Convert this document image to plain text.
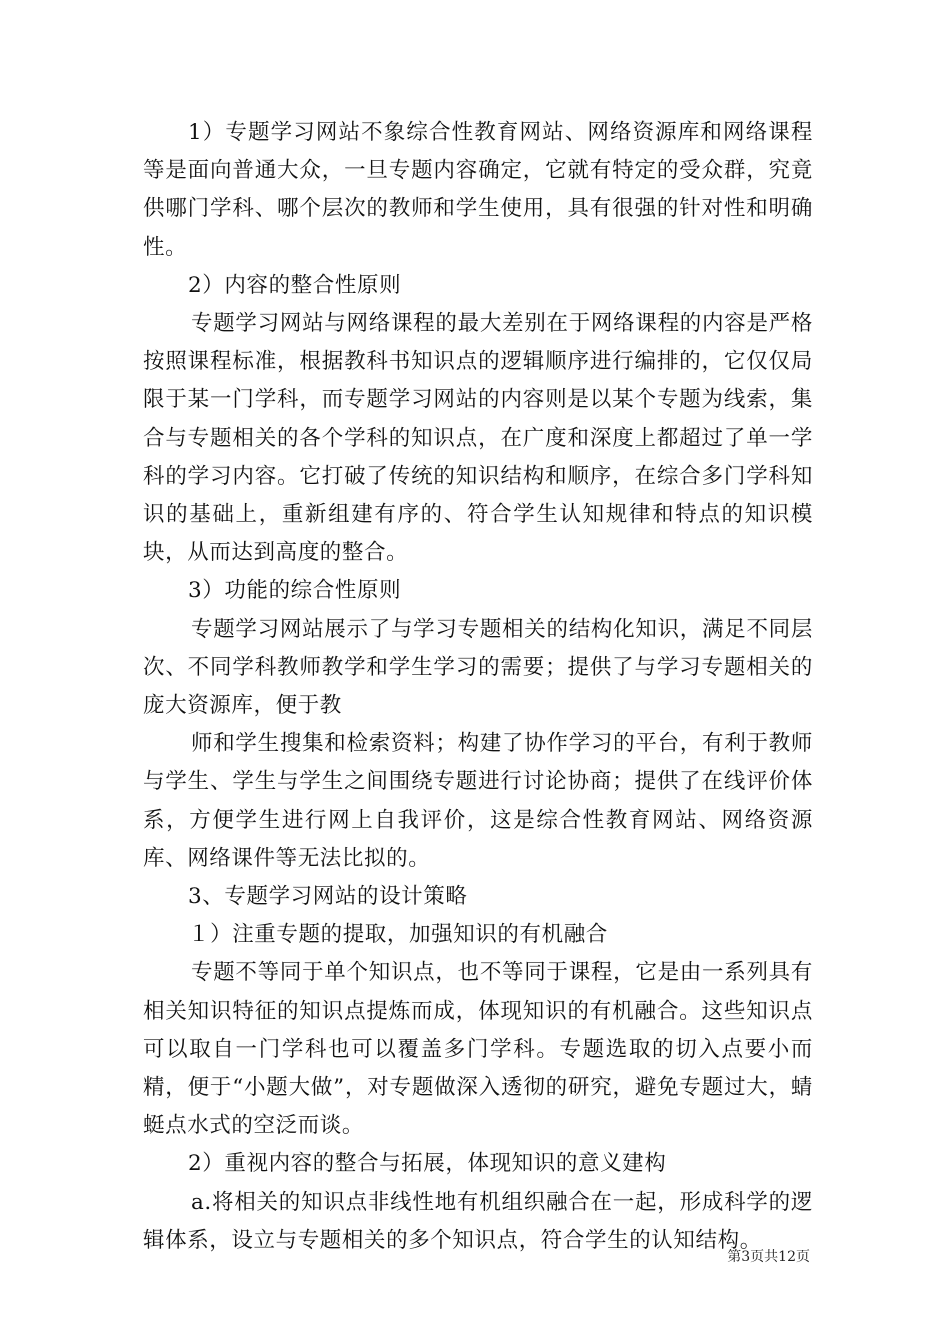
1）专题学习网站不象综合性教育网站、网络资源库和网络课程等是面向普通大众，一旦专题内容确定，它就有特定的受众群，究竟供哪门学科、哪个层次的教师和学生使用，具有很强的针对性和明确性。

2）内容的整合性原则

专题学习网站与网络课程的最大差别在于网络课程的内容是严格按照课程标准，根据教科书知识点的逻辑顺序进行编排的，它仅仅局限于某一门学科，而专题学习网站的内容则是以某个专题为线索，集合与专题相关的各个学科的知识点，在广度和深度上都超过了单一学科的学习内容。它打破了传统的知识结构和顺序，在综合多门学科知识的基础上，重新组建有序的、符合学生认知规律和特点的知识模块，从而达到高度的整合。

3）功能的综合性原则

专题学习网站展示了与学习专题相关的结构化知识，满足不同层次、不同学科教师教学和学生学习的需要；提供了与学习专题相关的庞大资源库，便于教

师和学生搜集和检索资料；构建了协作学习的平台，有利于教师与学生、学生与学生之间围绕专题进行讨论协商；提供了在线评价体系，方便学生进行网上自我评价，这是综合性教育网站、网络资源库、网络课件等无法比拟的。

3、专题学习网站的设计策略

１）注重专题的提取，加强知识的有机融合

专题不等同于单个知识点，也不等同于课程，它是由一系列具有相关知识特征的知识点提炼而成，体现知识的有机融合。这些知识点可以取自一门学科也可以覆盖多门学科。专题选取的切入点要小而精，便于“小题大做”，对专题做深入透彻的研究，避免专题过大，蜻蜓点水式的空泛而谈。

2）重视内容的整合与拓展，体现知识的意义建构

a.将相关的知识点非线性地有机组织融合在一起，形成科学的逻辑体系，设立与专题相关的多个知识点，符合学生的认知结构。

第3页共12页
